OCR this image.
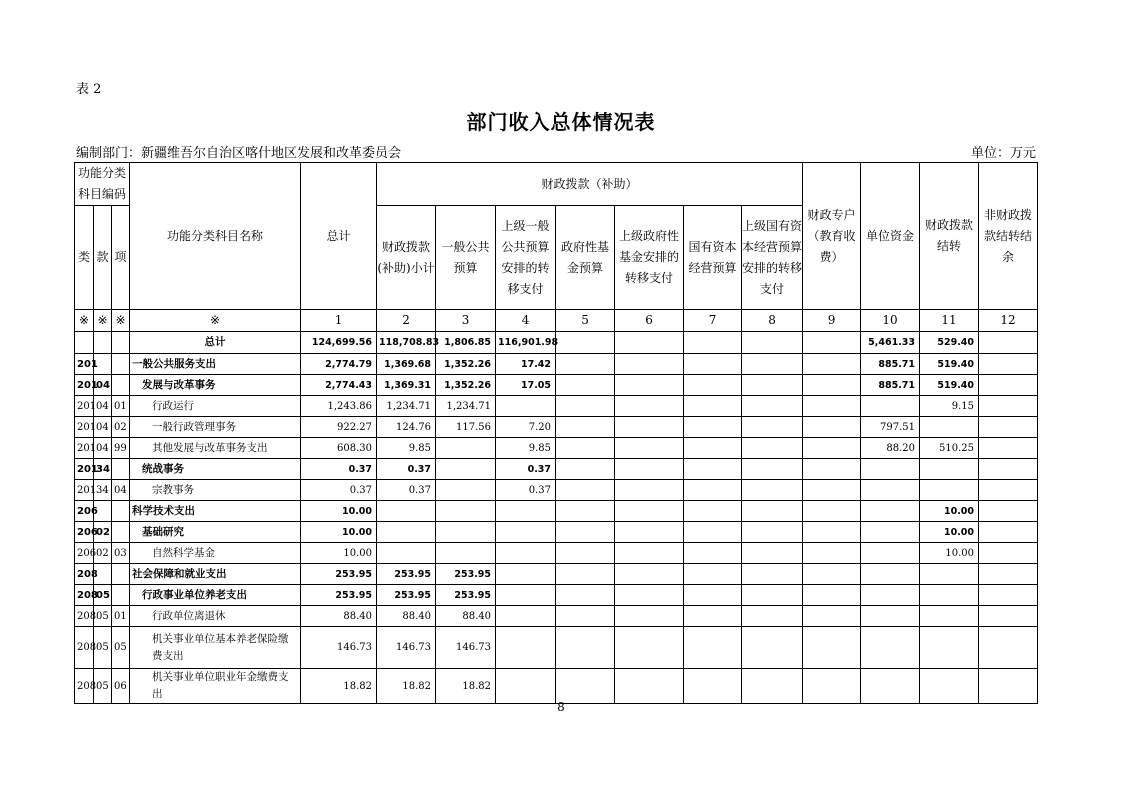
表 2
部门收入总体情况表
编制部门：新疆维吾尔自治区喀什地区发展和改革委员会	单位：万元
功能分类科目编码			功能分类科目名称	总计	财政拨款（补助）							财政专户（教育收费）	单位资金	财政拨款结转	非财政拨款结转结余
类	款	项			财政拨款(补助)小计	一般公共预算	上级一般公共预算安排的转移支付	政府性基金预算	上级政府性基金安排的转移支付	国有资本经营预算	上级国有资本经营预算安排的转移支付				
※	※	※	※	1	2	3	4	5	6	7	8	9	10	11	12
			总计	124,699.56	118,708.83	1,806.85	116,901.98						5,461.33	529.40	
201			一般公共服务支出	2,774.79	1,369.68	1,352.26	17.42						885.71	519.40	
201	04		发展与改革事务	2,774.43	1,369.31	1,352.26	17.05						885.71	519.40	
201	04	01	行政运行	1,243.86	1,234.71	1,234.71								9.15	
201	04	02	一般行政管理事务	922.27	124.76	117.56	7.20						797.51		
201	04	99	其他发展与改革事务支出	608.30	9.85		9.85						88.20	510.25	
201	34		统战事务	0.37	0.37		0.37								
201	34	04	宗教事务	0.37	0.37		0.37								
206			科学技术支出	10.00										10.00	
206	02		基础研究	10.00										10.00	
206	02	03	自然科学基金	10.00										10.00	
208			社会保障和就业支出	253.95	253.95	253.95									
208	05		行政事业单位养老支出	253.95	253.95	253.95									
208	05	01	行政单位离退休	88.40	88.40	88.40									
208	05	05	机关事业单位基本养老保险缴费支出	146.73	146.73	146.73									
208	05	06	机关事业单位职业年金缴费支出	18.82	18.82	18.82									
8
